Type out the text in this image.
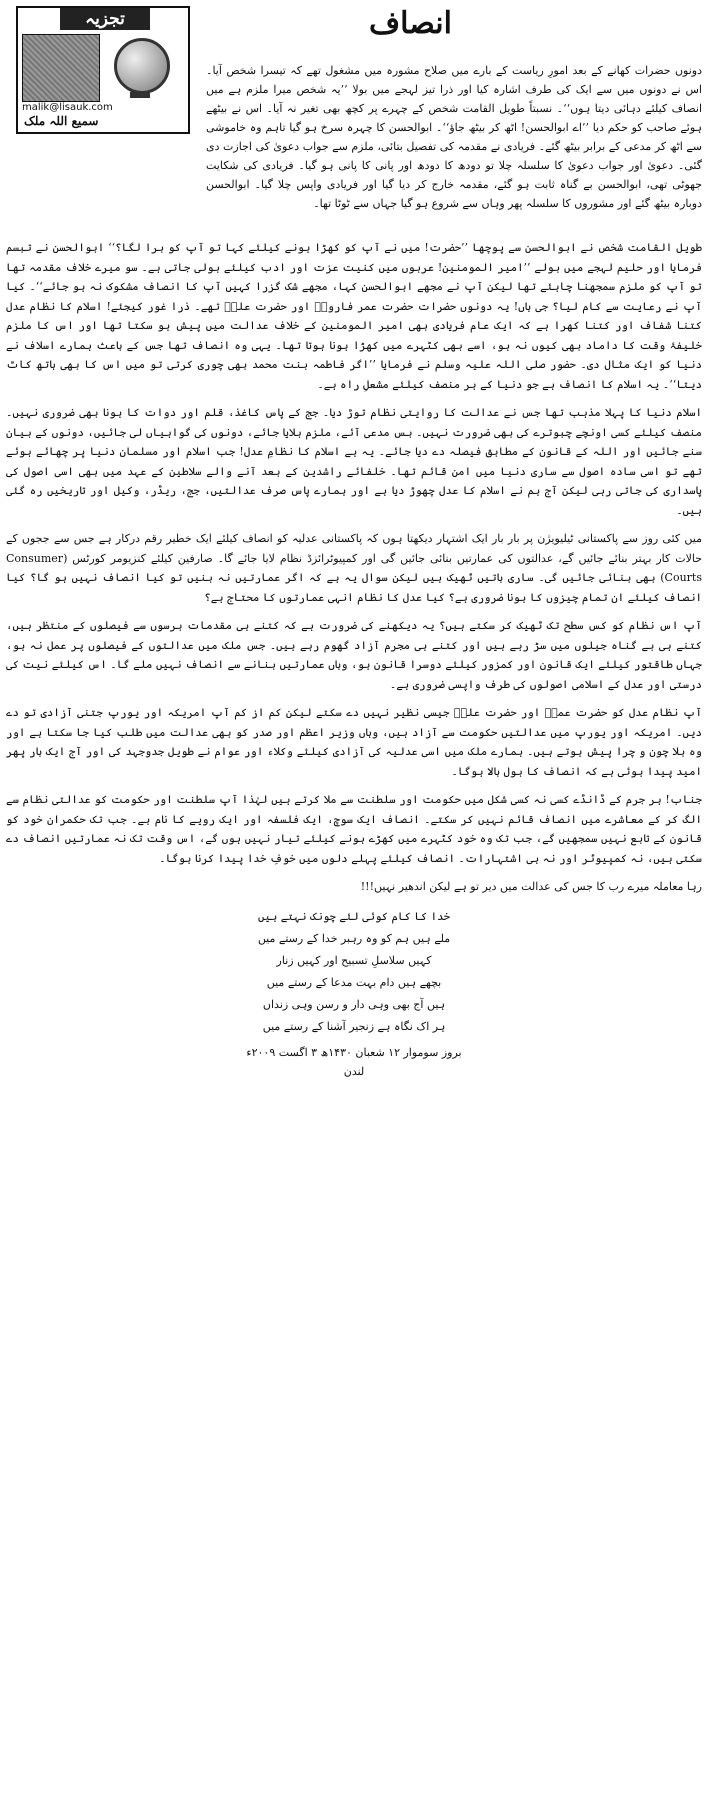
تجزیہ
malik@lisauk.com
سمیع اللہ ملک
انصاف

دونوں حضرات کھانے کے بعد امورِ ریاست کے بارے میں صلاح مشورہ میں مشغول تھے کہ تیسرا شخص آیا۔ اس نے دونوں میں سے ایک کی طرف اشارہ کیا اور ذرا تیز لہجے میں بولا ’’یہ شخص میرا ملزم ہے میں انصاف کیلئے دہائی دیتا ہوں‘‘۔ نسبتاً طویل القامت شخص کے چہرے پر کچھ بھی تغیر نہ آیا۔ اس نے بیٹھے ہوئے صاحب کو حکم دیا ’’اے ابوالحسن! اٹھ کر بیٹھ جاؤ‘‘۔ ابوالحسن کا چہرہ سرخ ہو گیا تاہم وہ خاموشی سے اٹھ کر مدعی کے برابر بیٹھ گئے۔ فریادی نے مقدمہ کی تفصیل بتائی، ملزم سے جواب دعویٰ کی اجازت دی گئی۔ دعویٰ اور جواب دعویٰ کا سلسلہ چلا تو دودھ کا دودھ اور پانی کا پانی ہو گیا۔ فریادی کی شکایت جھوٹی تھی، ابوالحسن بے گناہ ثابت ہو گئے، مقدمہ خارج کر دیا گیا اور فریادی واپس چلا گیا۔ ابوالحسن دوبارہ بیٹھ گئے اور مشوروں کا سلسلہ پھر وہاں سے شروع ہو گیا جہاں سے ٹوٹا تھا۔

طویل القامت شخص نے ابوالحسن سے پوچھا ’’حضرت! میں نے آپ کو کھڑا ہونے کیلئے کہا تو آپ کو برا لگا؟‘‘ ابوالحسن نے تبسم فرمایا اور حلیم لہجے میں بولے ’’امیر المومنین! عربوں میں کنیت عزت اور ادب کیلئے بولی جاتی ہے۔ سو میرے خلاف مقدمہ تھا تو آپ کو ملزم سمجھنا چاہئے تھا لیکن آپ نے مجھے ابوالحسن کہا، مجھے شک گزرا کہیں آپ کا انصاف مشکوک نہ ہو جائے‘‘۔ کیا آپ نے رعایت سے کام لیا؟ جی ہاں! یہ دونوں حضرات حضرت عمر فاروقؓ اور حضرت علیؓ تھے۔ ذرا غور کیجئے! اسلام کا نظام عدل کتنا شفاف اور کتنا کھرا ہے کہ ایک عام فریادی بھی امیر المومنین کے خلاف عدالت میں پیش ہو سکتا تھا اور اس کا ملزم خلیفۂ وقت کا داماد بھی کیوں نہ ہو، اسے بھی کٹہرے میں کھڑا ہونا ہوتا تھا۔ یہی وہ انصاف تھا جس کے باعث ہمارے اسلاف نے دنیا کو ایک مثال دی۔ حضور صلی اللہ علیہ وسلم نے فرمایا ’’اگر فاطمہ بنت محمد بھی چوری کرتی تو میں اس کا بھی ہاتھ کاٹ دیتا‘‘۔ یہ اسلام کا انصاف ہے جو دنیا کے ہر منصف کیلئے مشعلِ راہ ہے۔

اسلام دنیا کا پہلا مذہب تھا جس نے عدالت کا روایتی نظام توڑ دیا۔ جج کے پاس کاغذ، قلم اور دوات کا ہونا بھی ضروری نہیں۔ منصف کیلئے کسی اونچے چبوترے کی بھی ضرورت نہیں۔ بس مدعی آئے، ملزم بلایا جائے، دونوں کی گواہیاں لی جائیں، دونوں کے بیان سنے جائیں اور اللہ کے قانون کے مطابق فیصلہ دے دیا جائے۔ یہ ہے اسلام کا نظامِ عدل! جب اسلام اور مسلمان دنیا پر چھائے ہوئے تھے تو اسی سادہ اصول سے ساری دنیا میں امن قائم تھا۔ خلفائے راشدین کے بعد آنے والے سلاطین کے عہد میں بھی اسی اصول کی پاسداری کی جاتی رہی لیکن آج ہم نے اسلام کا عدل چھوڑ دیا ہے اور ہمارے پاس صرف عدالتیں، جج، ریڈر، وکیل اور تاریخیں رہ گئی ہیں۔

میں کئی روز سے پاکستانی ٹیلیویژن پر بار بار ایک اشتہار دیکھتا ہوں کہ پاکستانی عدلیہ کو انصاف کیلئے ایک خطیر رقم درکار ہے جس سے ججوں کے حالات کار بہتر بنائے جائیں گے، عدالتوں کی عمارتیں بنائی جائیں گی اور کمپیوٹرائزڈ نظام لایا جائے گا۔ صارفین کیلئے کنزیومر کورٹس (Consumer Courts) بھی بنائی جائیں گی۔ ساری باتیں ٹھیک ہیں لیکن سوال یہ ہے کہ اگر عمارتیں نہ بنیں تو کیا انصاف نہیں ہو گا؟ کیا انصاف کیلئے ان تمام چیزوں کا ہونا ضروری ہے؟ کیا عدل کا نظام انہی عمارتوں کا محتاج ہے؟

آپ اس نظام کو کس سطح تک ٹھیک کر سکتے ہیں؟ یہ دیکھنے کی ضرورت ہے کہ کتنے ہی مقدمات برسوں سے فیصلوں کے منتظر ہیں، کتنے ہی بے گناہ جیلوں میں سڑ رہے ہیں اور کتنے ہی مجرم آزاد گھوم رہے ہیں۔ جس ملک میں عدالتوں کے فیصلوں پر عمل نہ ہو، جہاں طاقتور کیلئے ایک قانون اور کمزور کیلئے دوسرا قانون ہو، وہاں عمارتیں بنانے سے انصاف نہیں ملے گا۔ اس کیلئے نیت کی درستی اور عدل کے اسلامی اصولوں کی طرف واپسی ضروری ہے۔

آپ نظام عدل کو حضرت عمرؓ اور حضرت علیؓ جیسی نظیر نہیں دے سکتے لیکن کم از کم آپ امریکہ اور یورپ جتنی آزادی تو دے دیں۔ امریکہ اور یورپ میں عدالتیں حکومت سے آزاد ہیں، وہاں وزیر اعظم اور صدر کو بھی عدالت میں طلب کیا جا سکتا ہے اور وہ بلا چون و چرا پیش ہوتے ہیں۔ ہمارے ملک میں اسی عدلیہ کی آزادی کیلئے وکلاء اور عوام نے طویل جدوجہد کی اور آج ایک بار پھر امید پیدا ہوئی ہے کہ انصاف کا بول بالا ہوگا۔

جناب! ہر جرم کے ڈانڈے کسی نہ کسی شکل میں حکومت اور سلطنت سے ملا کرتے ہیں لہٰذا آپ سلطنت اور حکومت کو عدالتی نظام سے الگ کر کے معاشرے میں انصاف قائم نہیں کر سکتے۔ انصاف ایک سوچ، ایک فلسفہ اور ایک رویے کا نام ہے۔ جب تک حکمران خود کو قانون کے تابع نہیں سمجھیں گے، جب تک وہ خود کٹہرے میں کھڑے ہونے کیلئے تیار نہیں ہوں گے، اس وقت تک نہ عمارتیں انصاف دے سکتی ہیں، نہ کمپیوٹر اور نہ ہی اشتہارات۔ انصاف کیلئے پہلے دلوں میں خوفِ خدا پیدا کرنا ہوگا۔

رہا معاملہ میرے رب کا جس کی عدالت میں دیر تو ہے لیکن اندھیر نہیں!!!

خدا کا کام کوئی لئے چونک نہتے ہیں
ملے ہیں ہم کو وہ رہبر خدا کے رستے میں
کہیں سلاسلِ تسبیح اور کہیں زنار
بچھے ہیں دام بہت مدعا کے رستے میں
ہیں آج بھی وہی دار و رسن وہی زنداں
ہر اک نگاہ ہے زنجیر آشنا کے رستے میں
بروز سوموار ۱۲ شعبان ۱۴۳۰ھ ۳ اگست ۲۰۰۹ء
لندن
